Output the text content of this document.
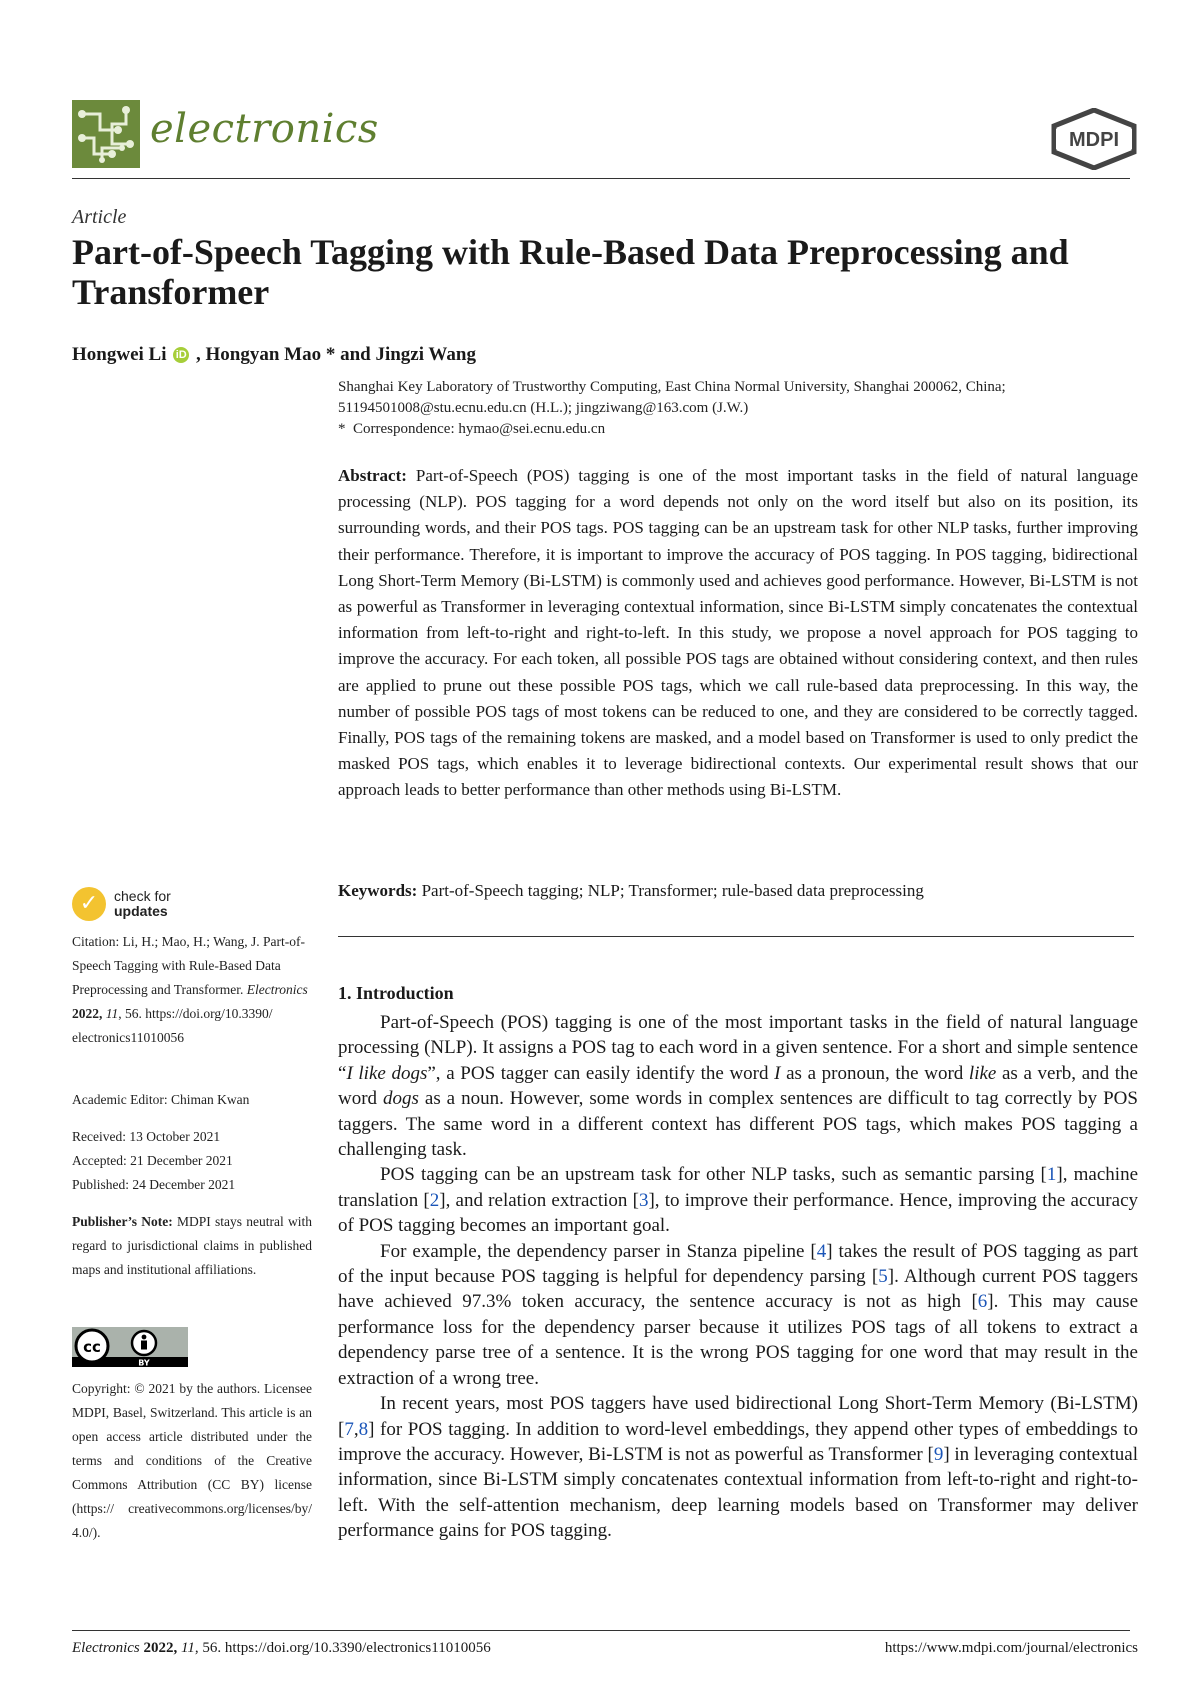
electronics	MDPI
Article
Part-of-Speech Tagging with Rule-Based Data Preprocessing and Transformer
Hongwei Li iD , Hongyan Mao * and Jingzi Wang
Shanghai Key Laboratory of Trustworthy Computing, East China Normal University, Shanghai 200062, China;
51194501008@stu.ecnu.edu.cn (H.L.); jingziwang@163.com (J.W.)
*  Correspondence: hymao@sei.ecnu.edu.cn
Abstract: Part-of-Speech (POS) tagging is one of the most important tasks in the field of natural language processing (NLP). POS tagging for a word depends not only on the word itself but also on its position, its surrounding words, and their POS tags. POS tagging can be an upstream task for other NLP tasks, further improving their performance. Therefore, it is important to improve the accuracy of POS tagging. In POS tagging, bidirectional Long Short-Term Memory (Bi-LSTM) is commonly used and achieves good performance. However, Bi-LSTM is not as powerful as Transformer in leveraging contextual information, since Bi-LSTM simply concatenates the contextual information from left-to-right and right-to-left. In this study, we propose a novel approach for POS tagging to improve the accuracy. For each token, all possible POS tags are obtained without considering context, and then rules are applied to prune out these possible POS tags, which we call rule-based data preprocessing. In this way, the number of possible POS tags of most tokens can be reduced to one, and they are considered to be correctly tagged. Finally, POS tags of the remaining tokens are masked, and a model based on Transformer is used to only predict the masked POS tags, which enables it to leverage bidirectional contexts. Our experimental result shows that our approach leads to better performance than other methods using Bi-LSTM.
Keywords: Part-of-Speech tagging; NLP; Transformer; rule-based data preprocessing
1. Introduction

Part-of-Speech (POS) tagging is one of the most important tasks in the field of natural language processing (NLP). It assigns a POS tag to each word in a given sentence. For a short and simple sentence “I like dogs”, a POS tagger can easily identify the word I as a pronoun, the word like as a verb, and the word dogs as a noun. However, some words in complex sentences are difficult to tag correctly by POS taggers. The same word in a different context has different POS tags, which makes POS tagging a challenging task.

POS tagging can be an upstream task for other NLP tasks, such as semantic parsing [1], machine translation [2], and relation extraction [3], to improve their performance. Hence, improving the accuracy of POS tagging becomes an important goal.

For example, the dependency parser in Stanza pipeline [4] takes the result of POS tagging as part of the input because POS tagging is helpful for dependency parsing [5]. Although current POS taggers have achieved 97.3% token accuracy, the sentence accuracy is not as high [6]. This may cause performance loss for the dependency parser because it utilizes POS tags of all tokens to extract a dependency parse tree of a sentence. It is the wrong POS tagging for one word that may result in the extraction of a wrong tree.

In recent years, most POS taggers have used bidirectional Long Short-Term Memory (Bi-LSTM) [7,8] for POS tagging. In addition to word-level embeddings, they append other types of embeddings to improve the accuracy. However, Bi-LSTM is not as powerful as Transformer [9] in leveraging contextual information, since Bi-LSTM simply concatenates contextual information from left-to-right and right-to-left. With the self-attention mechanism, deep learning models based on Transformer may deliver performance gains for POS tagging.

✓ check for
updates
Citation: Li, H.; Mao, H.; Wang, J. Part-of-Speech Tagging with Rule-Based Data Preprocessing and Transformer. Electronics 2022, 11, 56. https://doi.org/10.3390/ electronics11010056
Academic Editor: Chiman Kwan
Received: 13 October 2021
Accepted: 21 December 2021
Published: 24 December 2021
Publisher’s Note: MDPI stays neutral with regard to jurisdictional claims in published maps and institutional affiliations.
cc
BY
Copyright: © 2021 by the authors. Licensee MDPI, Basel, Switzerland. This article is an open access article distributed under the terms and conditions of the Creative Commons Attribution (CC BY) license (https:// creativecommons.org/licenses/by/ 4.0/).
Electronics 2022, 11, 56. https://doi.org/10.3390/electronics11010056	https://www.mdpi.com/journal/electronics
